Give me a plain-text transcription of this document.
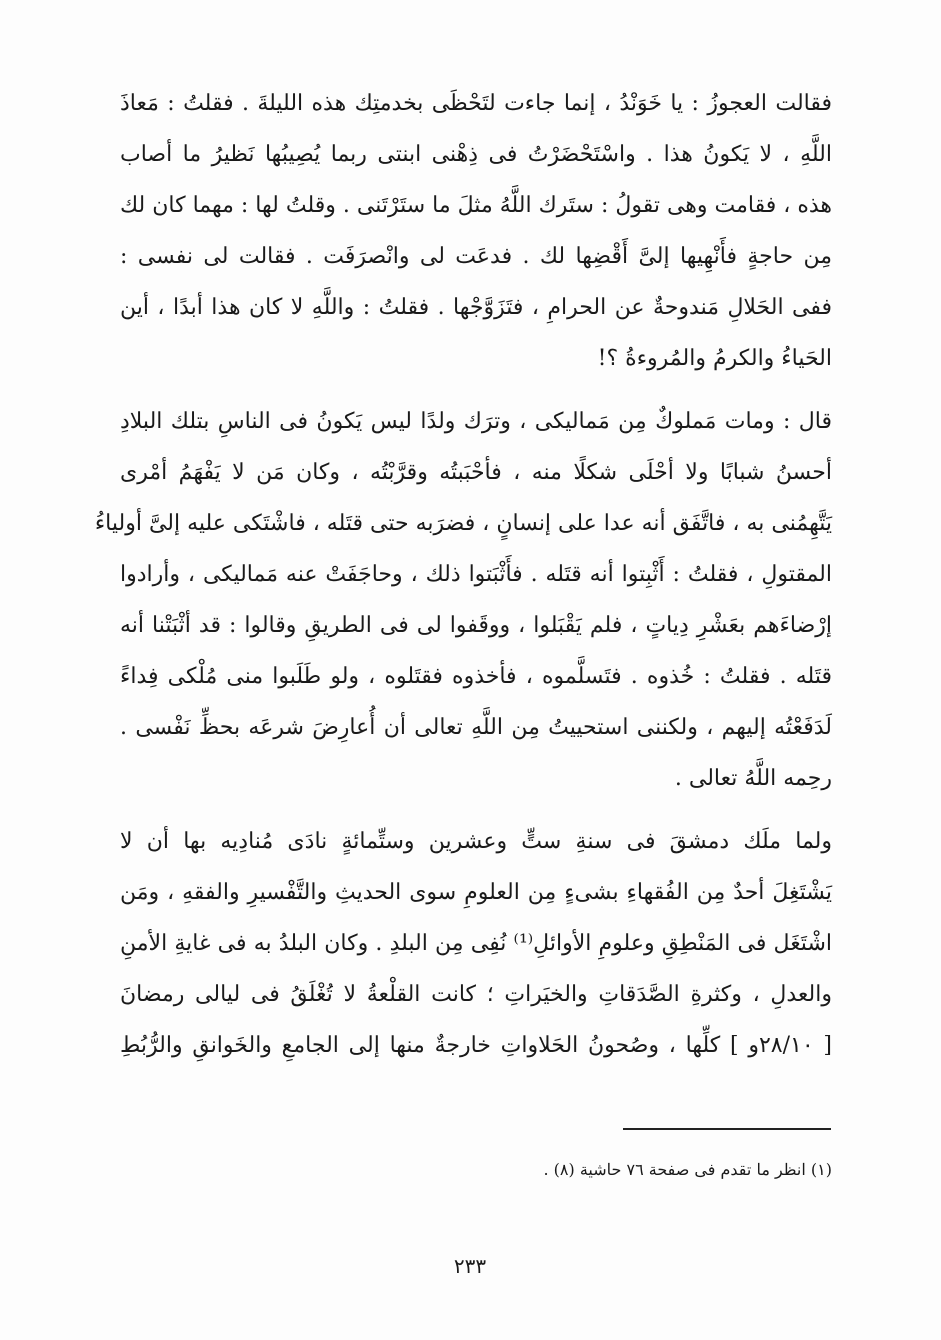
فقالت العجوزُ : يا خَوَنْدُ ، إنما جاءت لتَحْظَى بخدمتِك هذه الليلةَ . فقلتُ : مَعاذَ
اللَّهِ ، لا يَكونُ هذا . واسْتَحْضَرْتُ فى ذِهْنى ابنتى ربما يُصِيبُها نَظيرُ ما أصاب
هذه ، فقامت وهى تقولُ : ستَرك اللَّهُ مثلَ ما ستَرْتَنى . وقلتُ لها : مهما كان لك
مِن حاجةٍ فأَنْهِيها إلىَّ أَقْضِها لك . فدعَت لى وانْصرَفَت . فقالت لى نفسى :
ففى الحَلالِ مَندوحةٌ عن الحرامِ ، فتَزَوَّجْها . فقلتُ : واللَّهِ لا كان هذا أبدًا ، أين
الحَياءُ والكرمُ والمُروءةُ ؟!
قال : ومات مَملوكٌ مِن مَماليكى ، وترَك ولدًا ليس يَكونُ فى الناسِ بتلك البلادِ
أحسنُ شبابًا ولا أحْلَى شكلًا منه ، فأحْبَبتُه وقرَّبْتُه ، وكان مَن لا يَفْهَمُ أمْرى
يَتَّهِمُنى به ، فاتَّفَق أنه عدا على إنسانٍ ، فضرَبه حتى قتَله ، فاشْتَكى عليه إلىَّ أولياءُ
المقتولِ ، فقلتُ : أَثْبِتوا أنه قتَله . فأَثْبَتوا ذلك ، وحاجَفَتْ عنه مَماليكى ، وأرادوا
إرْضاءَهم بعَشْرِ دِياتٍ ، فلم يَقْبَلوا ، ووقَفوا لى فى الطريقِ وقالوا : قد أثْبَتْنا أنه
قتَله . فقلتُ : خُذوه . فتَسلَّموه ، فأخذوه فقتَلوه ، ولو طَلَبوا منى مُلْكى فِداءً
لَدَفَعْتُه إليهم ، ولكننى استحييتُ مِن اللَّهِ تعالى أن أُعارِضَ شرعَه بحظِّ نَفْسى .
رحِمه اللَّهُ تعالى .
ولما ملَك دمشقَ فى سنةِ ستٍّ وعشرين وستِّمائةٍ نادَى مُنادِيه بها أن لا
يَشْتَغِلَ أحدٌ مِن الفُقهاءِ بشىءٍ مِن العلومِ سوى الحديثِ والتَّفْسيرِ والفقهِ ، ومَن
اشْتَغَل فى المَنْطِقِ وعلومِ الأوائلِ⁽¹⁾ نُفِى مِن البلدِ . وكان البلدُ به فى غايةِ الأمنِ
والعدلِ ، وكثرةِ الصَّدَقاتِ والخيَراتِ ؛ كانت القلْعةُ لا تُغْلَقُ فى ليالى رمضانَ
[ ٢٨/١٠و ] كلِّها ، وصُحونُ الحَلاواتِ خارجةٌ منها إلى الجامعِ والخَوانقِ والرُّبُطِ
(١) انظر ما تقدم فى صفحة ٧٦ حاشية (٨) .
٢٣٣
